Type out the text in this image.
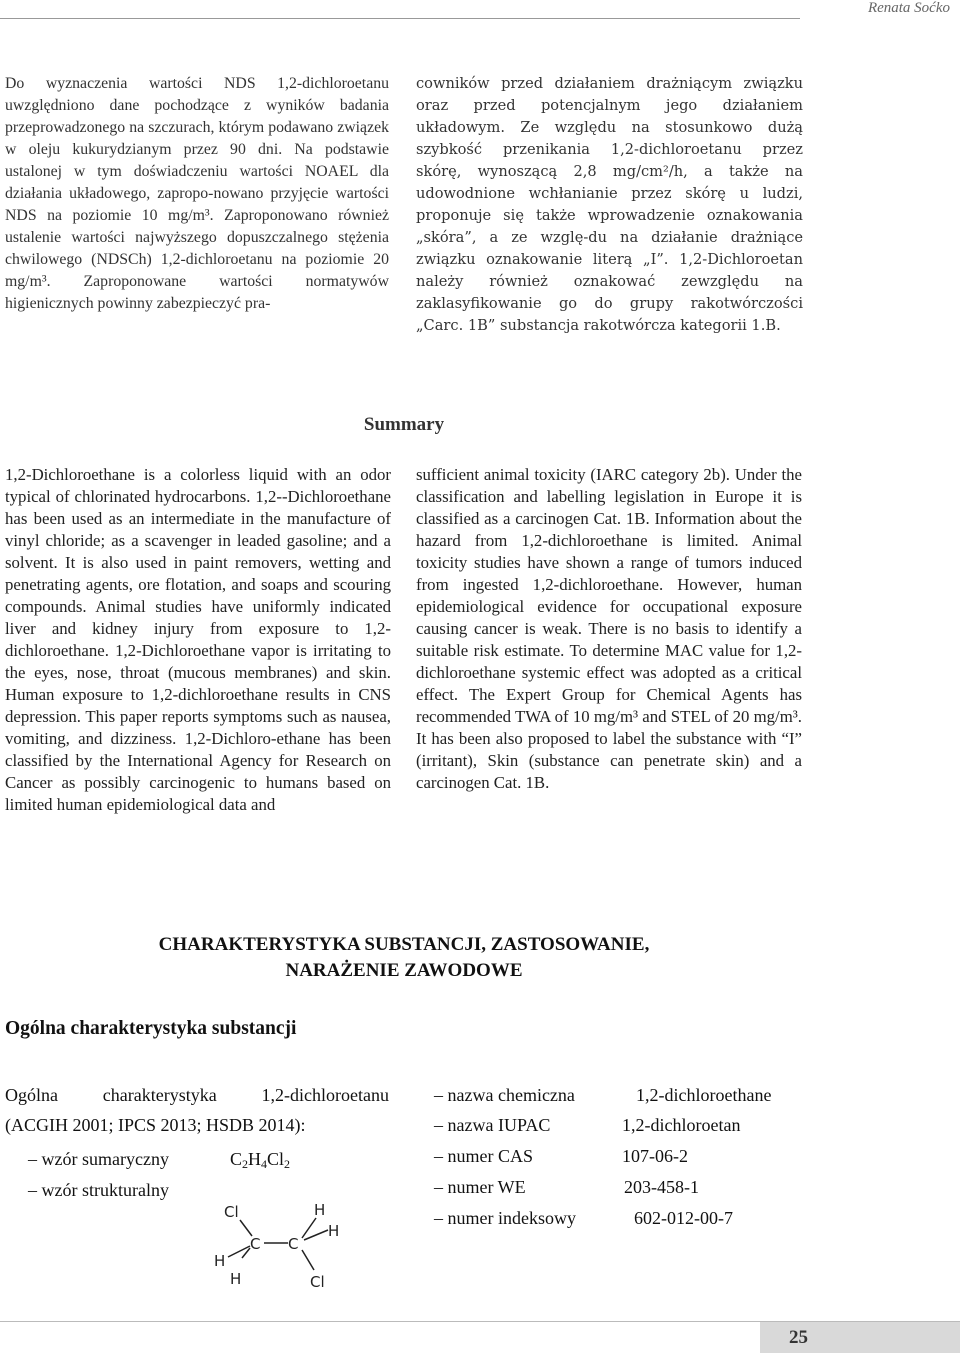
Renata Soćko

Do wyznaczenia wartości NDS 1,2-dichloroetanu uwzględniono dane pochodzące z wyników badania przeprowadzonego na szczurach, którym podawano związek w oleju kukurydzianym przez 90 dni. Na podstawie ustalonej w tym doświadczeniu wartości NOAEL dla działania układowego, zapropo-nowano przyjęcie wartości NDS na poziomie 10 mg/m³. Zaproponowano również ustalenie wartości najwyższego dopuszczalnego stężenia chwilowego (NDSCh) 1,2-dichloroetanu na poziomie 20 mg/m³. Zaproponowane wartości normatywów higienicznych powinny zabezpieczyć pra-

cowników przed działaniem drażniącym związku oraz przed potencjalnym jego działaniem układowym. Ze względu na stosunkowo dużą szybkość przenikania 1,2-dichloroetanu przez skórę, wynoszącą 2,8 mg/cm²/h, a także na udowodnione wchłanianie przez skórę u ludzi, proponuje się także wprowadzenie oznakowania „skóra”, a ze wzglę-du na działanie drażniące związku oznakowanie literą „I”. 1,2-Dichloroetan należy również oznakować zewzględu na zaklasyfikowanie go do grupy rakotwórczości „Carc. 1B” substancja rakotwórcza kategorii 1.B.

Summary

1,2-Dichloroethane is a colorless liquid with an odor typical of chlorinated hydrocarbons. 1,2--Dichloroethane has been used as an intermediate in the manufacture of vinyl chloride; as a scavenger in leaded gasoline; and a solvent. It is also used in paint removers, wetting and penetrating agents, ore flotation, and soaps and scouring compounds. Animal studies have uniformly indicated liver and kidney injury from exposure to 1,2-dichloroethane. 1,2-Dichloroethane vapor is irritating to the eyes, nose, throat (mucous membranes) and skin. Human exposure to 1,2-dichloroethane results in CNS depression. This paper reports symptoms such as nausea, vomiting, and dizziness. 1,2-Dichloro-ethane has been classified by the International Agency for Research on Cancer as possibly carcinogenic to humans based on limited human epidemiological data and

sufficient animal toxicity (IARC category 2b). Under the classification and labelling legislation in Europe it is classified as a carcinogen Cat. 1B. Information about the hazard from 1,2-dichloroethane is limited. Animal toxicity studies have shown a range of tumors induced from ingested 1,2-dichloroethane. However, human epidemiological evidence for occupational exposure causing cancer is weak. There is no basis to identify a suitable risk estimate. To determine MAC value for 1,2-dichloroethane systemic effect was adopted as a critical effect. The Expert Group for Chemical Agents has recommended TWA of 10 mg/m³ and STEL of 20 mg/m³. It has been also proposed to label the substance with “I” (irritant), Skin (substance can penetrate skin) and a carcinogen Cat. 1B.

CHARAKTERYSTYKA SUBSTANCJI, ZASTOSOWANIE,
NARAŻENIE ZAWODOWE
Ogólna charakterystyka substancji
Ogólna charakterystyka 1,2-dichloroetanu
(ACGIH 2001; IPCS 2013; HSDB 2014):
– wzór sumaryczny	$C_2H_4Cl_2$
– wzór strukturalny
Cl
H
H
C C
H
H
Cl
– nazwa chemiczna	1,2-dichloroethane
– nazwa IUPAC	1,2-dichloroetan
– numer CAS	107-06-2
– numer WE	203-458-1
– numer indeksowy	602-012-00-7
25
